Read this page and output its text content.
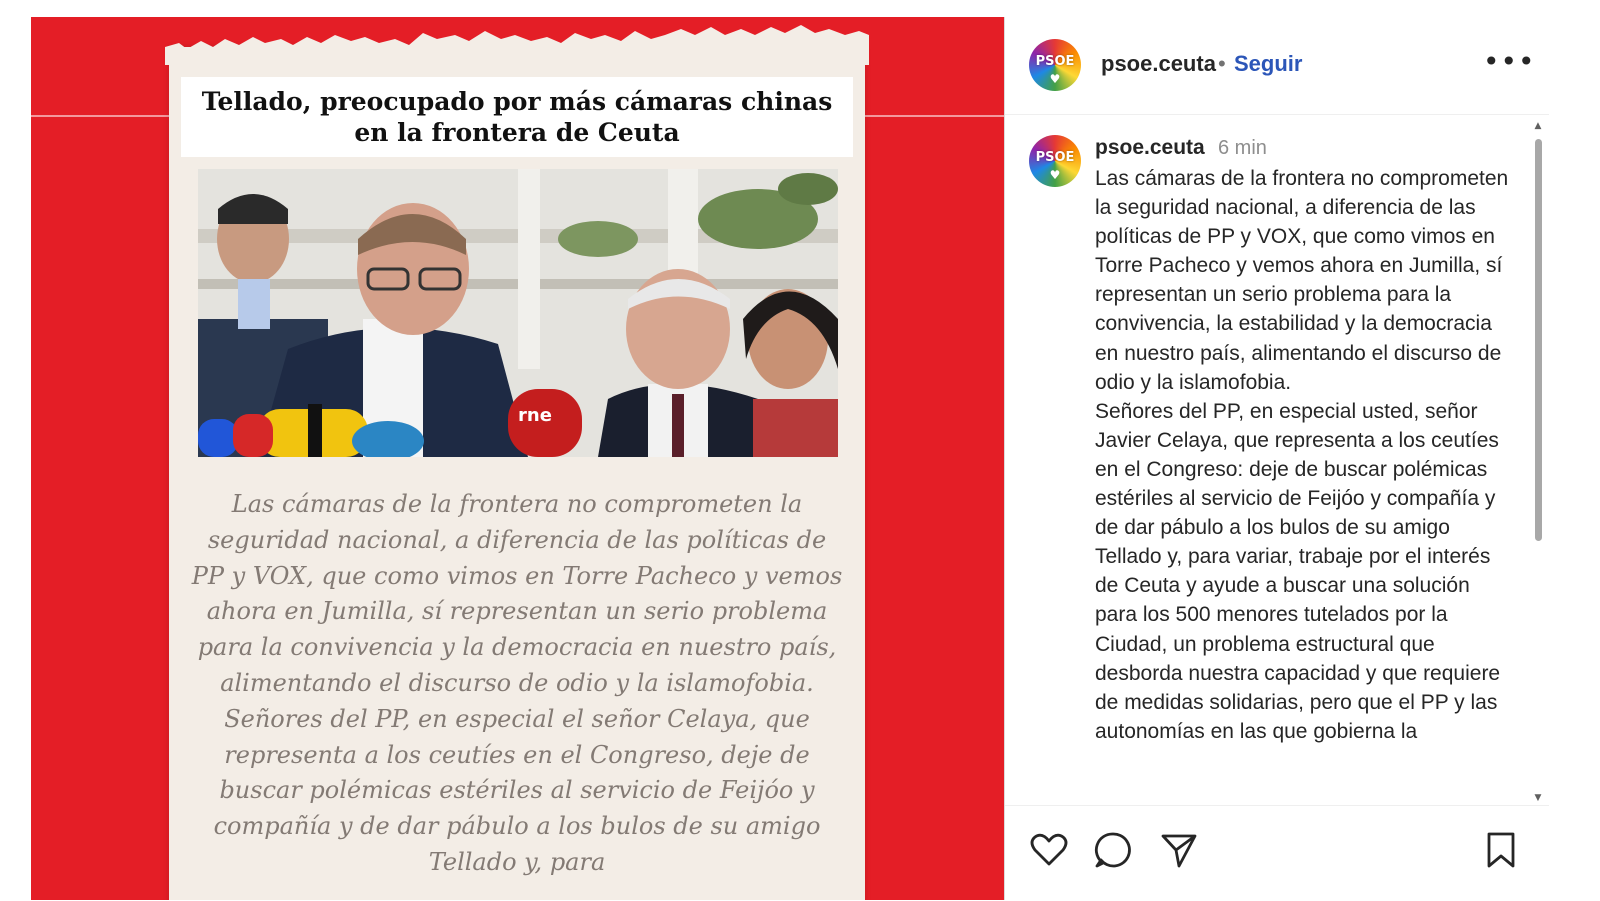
Tellado, preocupado por más cámaras chinas en la frontera de Ceuta
rne

Las cámaras de la frontera no comprometen la seguridad nacional, a diferencia de las políticas de PP y VOX, que como vimos en Torre Pacheco y vemos ahora en Jumilla, sí representan un serio problema para la convivencia y la democracia en nuestro país, alimentando el discurso de odio y la islamofobia.

Señores del PP, en especial el señor Celaya, que representa a los ceutíes en el Congreso, deje de buscar polémicas estériles al servicio de Feijóo y compañía y de dar pábulo a los bulos de su amigo Tellado y, para

PSOE
♥
psoe.ceuta • Seguir	•••
PSOE
♥
psoe.ceuta 6 min

Las cámaras de la frontera no comprometen la seguridad nacional, a diferencia de las políticas de PP y VOX, que como vimos en Torre Pacheco y vemos ahora en Jumilla, sí representan un serio problema para la convivencia, la estabilidad y la democracia en nuestro país, alimentando el discurso de odio y la islamofobia.

Señores del PP, en especial usted, señor Javier Celaya, que representa a los ceutíes en el Congreso: deje de buscar polémicas estériles al servicio de Feijóo y compañía y de dar pábulo a los bulos de su amigo Tellado y, para variar, trabaje por el interés de Ceuta y ayude a buscar una solución para los 500 menores tutelados por la Ciudad, un problema estructural que desborda nuestra capacidad y que requiere de medidas solidarias, pero que el PP y las autonomías en las que gobierna la

▲
▼
